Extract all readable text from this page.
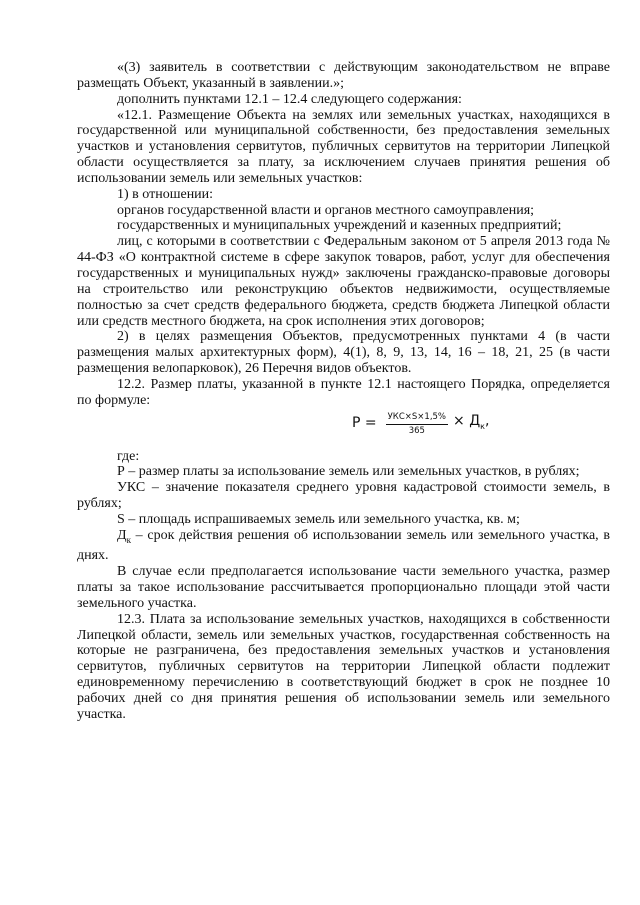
«(3) заявитель в соответствии с действующим законодательством не вправе размещать Объект, указанный в заявлении.»;

дополнить пунктами 12.1 – 12.4 следующего содержания:

«12.1. Размещение Объекта на землях или земельных участках, находящихся в государственной или муниципальной собственности, без предоставления земельных участков и установления сервитутов, публичных сервитутов на территории Липецкой области осуществляется за плату, за исключением случаев принятия решения об использовании земель или земельных участков:

1) в отношении:

органов государственной власти и органов местного самоуправления;

государственных и муниципальных учреждений и казенных предприятий;

лиц, с которыми в соответствии с Федеральным законом от 5 апреля 2013 года № 44-ФЗ «О контрактной системе в сфере закупок товаров, работ, услуг для обеспечения государственных и муниципальных нужд» заключены гражданско-правовые договоры на строительство или реконструкцию объектов недвижимости, осуществляемые полностью за счет средств федерального бюджета, средств бюджета Липецкой области или средств местного бюджета, на срок исполнения этих договоров;

2) в целях размещения Объектов, предусмотренных пунктами 4 (в части размещения малых архитектурных форм), 4(1), 8, 9, 13, 14, 16 – 18, 21, 25 (в части размещения велопарковок), 26 Перечня видов объектов.

12.2. Размер платы, указанной в пункте 12.1 настоящего Порядка, определяется по формуле:

$Р = \frac{\text{УКС×S×1,5\%}}{365} \times Д_к$,

где:

Р – размер платы за использование земель или земельных участков, в рублях;

УКС – значение показателя среднего уровня кадастровой стоимости земель, в рублях;

S – площадь испрашиваемых земель или земельного участка, кв. м;

$Д_к$ – срок действия решения об использовании земель или земельного участка, в днях.

В случае если предполагается использование части земельного участка, размер платы за такое использование рассчитывается пропорционально площади этой части земельного участка.

12.3. Плата за использование земельных участков, находящихся в собственности Липецкой области, земель или земельных участков, государственная собственность на которые не разграничена, без предоставления земельных участков и установления сервитутов, публичных сервитутов на территории Липецкой области подлежит единовременному перечислению в соответствующий бюджет в срок не позднее 10 рабочих дней со дня принятия решения об использовании земель или земельного участка.
